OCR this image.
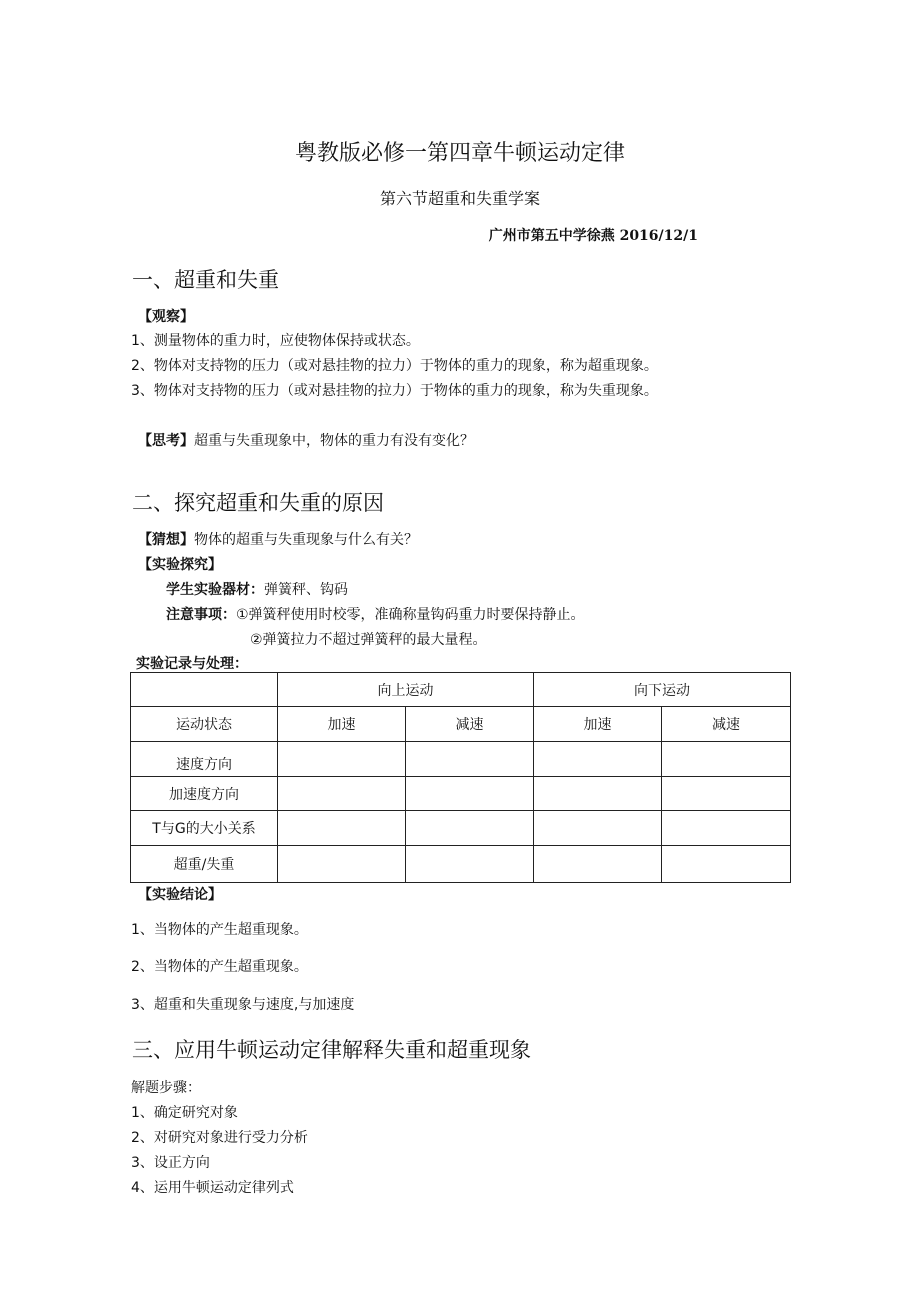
粤教版必修一第四章牛顿运动定律
第六节超重和失重学案
广州市第五中学徐燕 2016/12/1
一、超重和失重
【观察】
1、测量物体的重力时，应使物体保持或状态。
2、物体对支持物的压力（或对悬挂物的拉力）于物体的重力的现象，称为超重现象。
3、物体对支持物的压力（或对悬挂物的拉力）于物体的重力的现象，称为失重现象。
【思考】超重与失重现象中，物体的重力有没有变化？
二、探究超重和失重的原因
【猜想】物体的超重与失重现象与什么有关？
【实验探究】
学生实验器材：弹簧秤、钩码
注意事项：①弹簧秤使用时校零，准确称量钩码重力时要保持静止。
②弹簧拉力不超过弹簧秤的最大量程。
实验记录与处理：
	向上运动		向下运动	
运动状态	加速	减速	加速	减速
速度方向				
加速度方向				
T与G的大小关系				
超重/失重				
【实验结论】
1、当物体的产生超重现象。
2、当物体的产生超重现象。
3、超重和失重现象与速度,与加速度
三、应用牛顿运动定律解释失重和超重现象
解题步骤：
1、确定研究对象
2、对研究对象进行受力分析
3、设正方向
4、运用牛顿运动定律列式
